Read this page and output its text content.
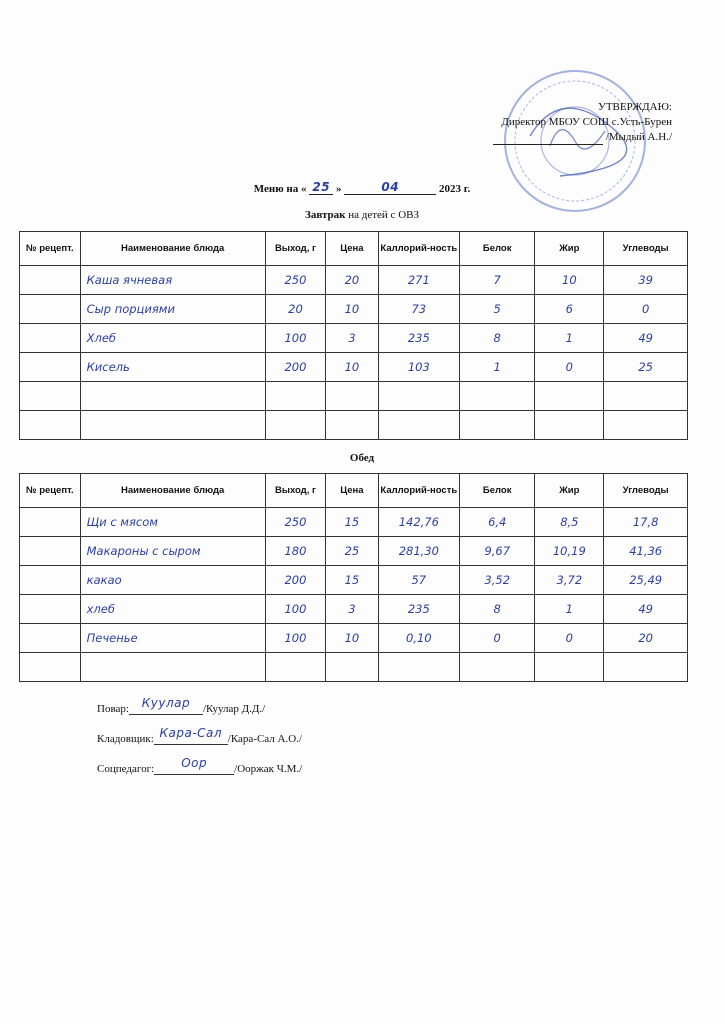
УТВЕРЖДАЮ:
Директор МБОУ СОШ с.Усть-Бурен
/Мыдый А.Н./
Меню на « 25 »	04	2023 г.
Завтрак на детей с ОВЗ
№ рецепт.	Наименование блюда	Выход, г	Цена	Каллорий-ность	Белок	Жир	Углеводы
	Каша ячневая	250	20	271	7	10	39
	Сыр порциями	20	10	73	5	6	0
	Хлеб	100	3	235	8	1	49
	Кисель	200	10	103	1	0	25

Обед
№ рецепт.	Наименование блюда	Выход, г	Цена	Каллорий-ность	Белок	Жир	Углеводы
	Щи с мясом	250	15	142,76	6,4	8,5	17,8
	Макароны с сыром	180	25	281,30	9,67	10,19	41,36
	какао	200	15	57	3,52	3,72	25,49
	хлеб	100	3	235	8	1	49
	Печенье	100	10	0,10	0	0	20

Повар:	Куулар	/Куулар Д.Д./
Кладовщик: Кара-Сал /Кара-Сал А.О./
Соцпедагог:	Оор	/Ооржак Ч.М./
